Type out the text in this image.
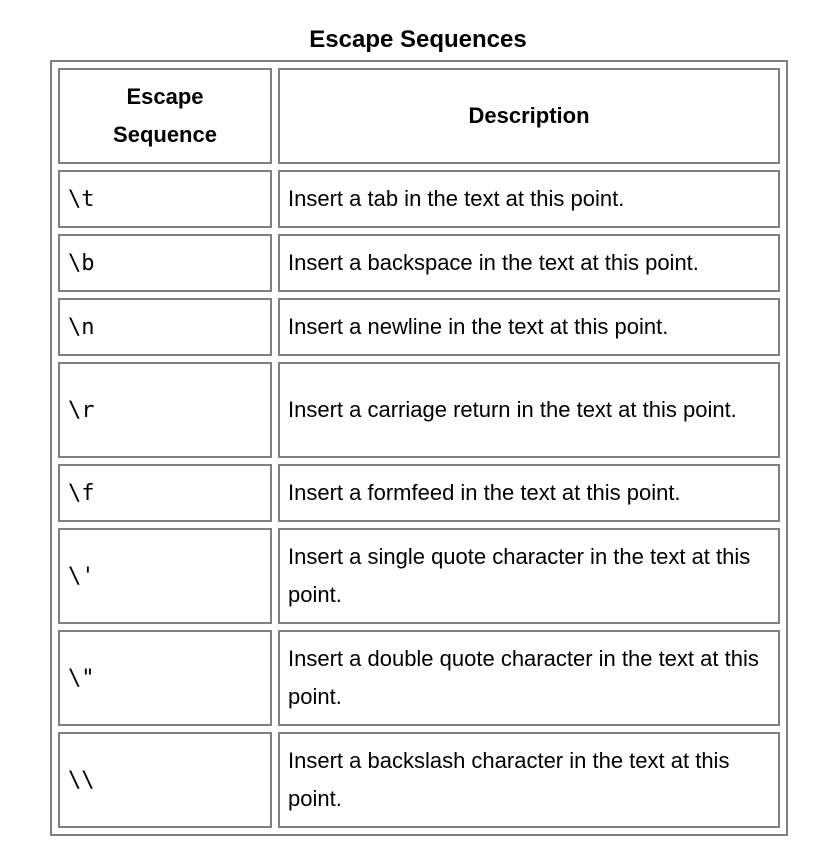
Escape Sequences
Escape Sequence		Description
\t		Insert a tab in the text at this point.
\b		Insert a backspace in the text at this point.
\n		Insert a newline in the text at this point.
\r		Insert a carriage return in the text at this point.
\f		Insert a formfeed in the text at this point.
\'		Insert a single quote character in the text at this point.
\"		Insert a double quote character in the text at this point.
\\		Insert a backslash character in the text at this point.
